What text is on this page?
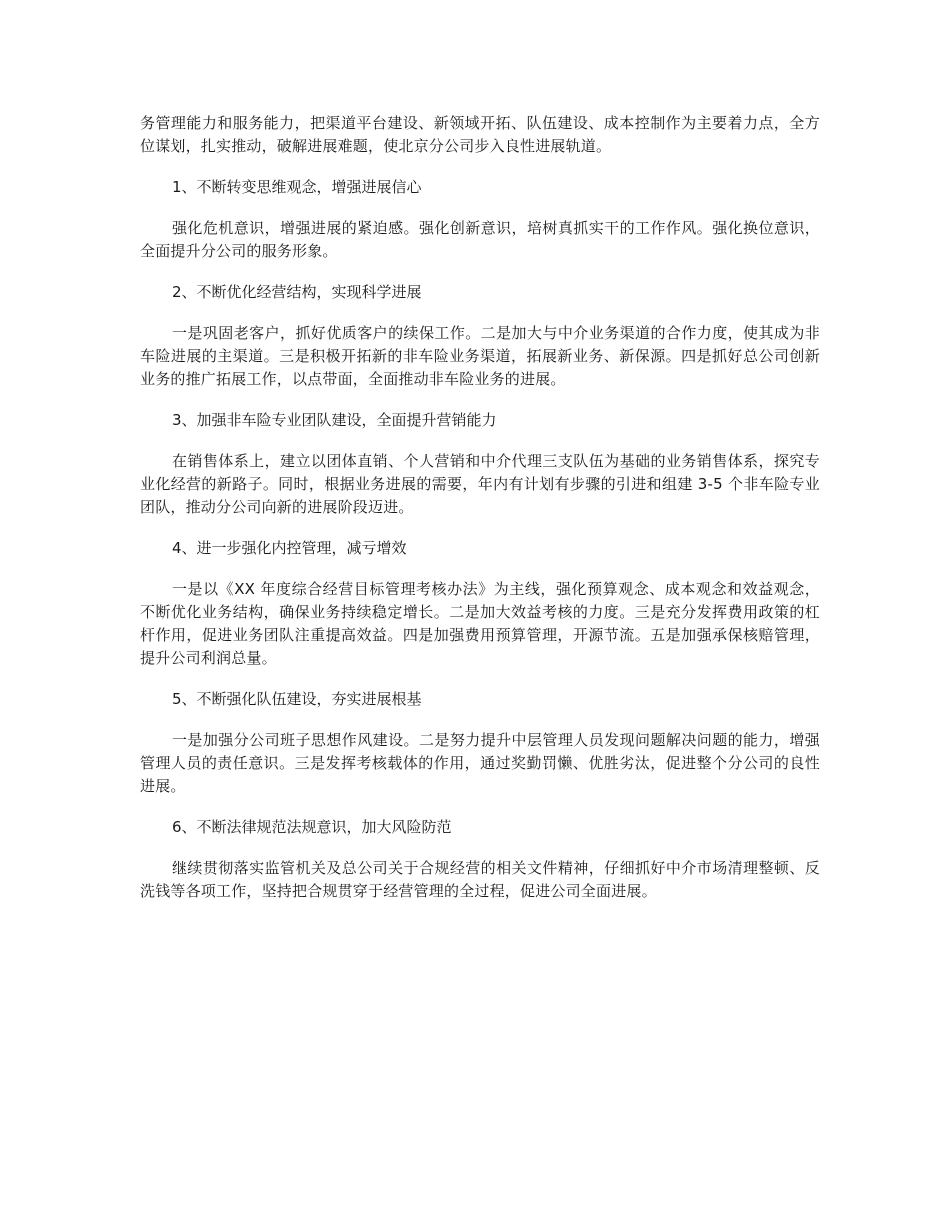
务管理能力和服务能力，把渠道平台建设、新领域开拓、队伍建设、成本控制作为主要着力点，全方位谋划，扎实推动，破解进展难题，使北京分公司步入良性进展轨道。

1、不断转变思维观念，增强进展信心

强化危机意识，增强进展的紧迫感。强化创新意识，培树真抓实干的工作作风。强化换位意识，全面提升分公司的服务形象。

2、不断优化经营结构，实现科学进展

一是巩固老客户，抓好优质客户的续保工作。二是加大与中介业务渠道的合作力度，使其成为非车险进展的主渠道。三是积极开拓新的非车险业务渠道，拓展新业务、新保源。四是抓好总公司创新业务的推广拓展工作，以点带面，全面推动非车险业务的进展。

3、加强非车险专业团队建设，全面提升营销能力

在销售体系上，建立以团体直销、个人营销和中介代理三支队伍为基础的业务销售体系，探究专业化经营的新路子。同时，根据业务进展的需要，年内有计划有步骤的引进和组建 3-5 个非车险专业团队，推动分公司向新的进展阶段迈进。

4、进一步强化内控管理，减亏增效

一是以《XX 年度综合经营目标管理考核办法》为主线，强化预算观念、成本观念和效益观念，不断优化业务结构，确保业务持续稳定增长。二是加大效益考核的力度。三是充分发挥费用政策的杠杆作用，促进业务团队注重提高效益。四是加强费用预算管理，开源节流。五是加强承保核赔管理，提升公司利润总量。

5、不断强化队伍建设，夯实进展根基

一是加强分公司班子思想作风建设。二是努力提升中层管理人员发现问题解决问题的能力，增强管理人员的责任意识。三是发挥考核载体的作用，通过奖勤罚懒、优胜劣汰，促进整个分公司的良性进展。

6、不断法律规范法规意识，加大风险防范

继续贯彻落实监管机关及总公司关于合规经营的相关文件精神，仔细抓好中介市场清理整顿、反洗钱等各项工作，坚持把合规贯穿于经营管理的全过程，促进公司全面进展。
